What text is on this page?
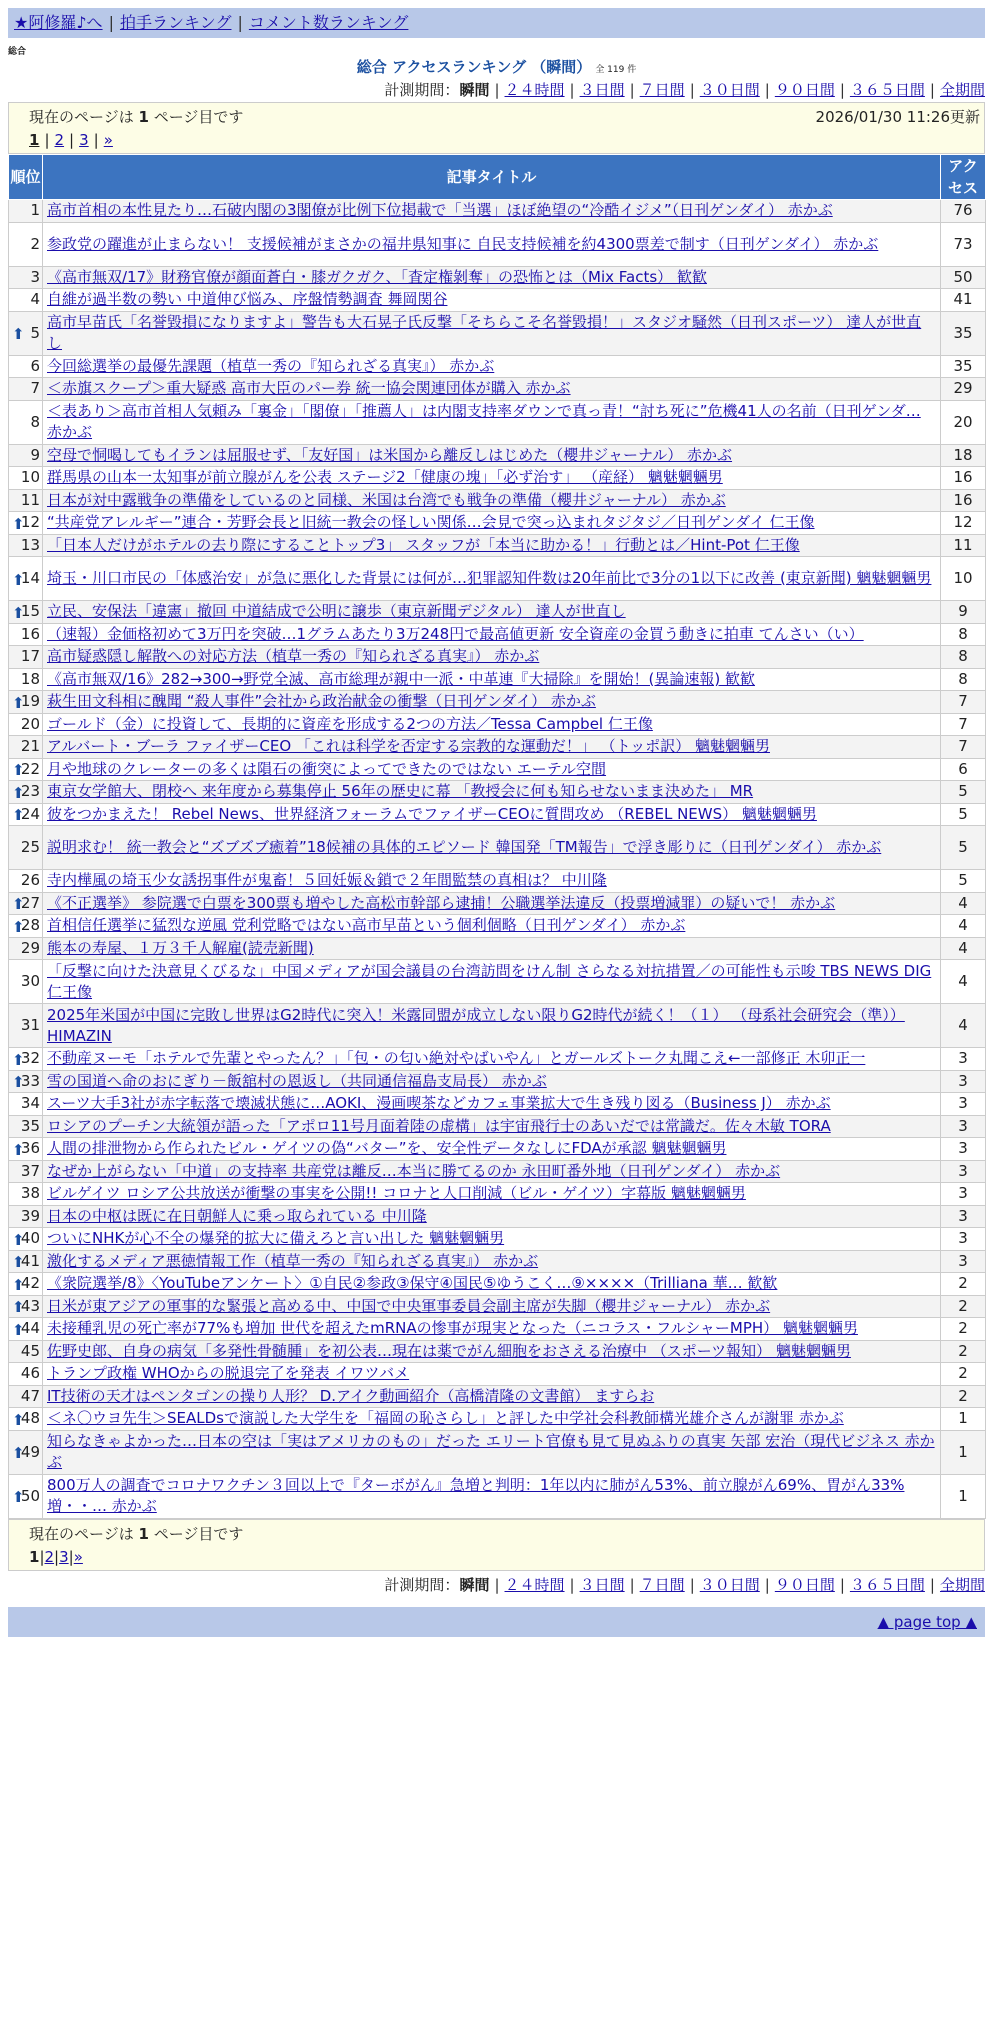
★阿修羅♪へ | 拍手ランキング | コメント数ランキング
総合
総合 アクセスランキング （瞬間） 全 119 件
計測期間：瞬間 | ２４時間 | ３日間 | ７日間 | ３０日間 | ９０日間 | ３６５日間 | 全期間
現在のページは 1 ページ目です	2026/01/30 11:26更新
1 | 2 | 3 | »
順位	記事タイトル	アクセス
1	高市首相の本性見たり…石破内閣の3閣僚が比例下位掲載で「当選」ほぼ絶望の“冷酷イジメ”（日刊ゲンダイ） 赤かぶ	76
2	参政党の躍進が止まらない！ 支援候補がまさかの福井県知事に 自民支持候補を約4300票差で制す（日刊ゲンダイ） 赤かぶ	73
3	《高市無双/17》財務官僚が顔面蒼白・膝ガクガク、「査定権剝奪」の恐怖とは（Mix Facts） 歓歓	50
4	自維が過半数の勢い 中道伸び悩み、序盤情勢調査 舞岡関谷	41

⬆ 5	高市早苗氏「名誉毀損になりますよ」警告も大石晃子氏反撃「そちらこそ名誉毀損！」スタジオ騒然（日刊スポーツ） 達人が世直し	35
6	今回総選挙の最優先課題（植草一秀の『知られざる真実』） 赤かぶ	35
7	＜赤旗スクープ＞重大疑惑 高市大臣のパー券 統一協会関連団体が購入 赤かぶ	29
8	＜表あり＞高市首相人気頼み「裏金」「閣僚」「推薦人」は内閣支持率ダウンで真っ青！“討ち死に”危機41人の名前（日刊ゲンダ… 赤かぶ	20
9	空母で恫喝してもイランは屈服せず、「友好国」は米国から離反しはじめた（櫻井ジャーナル） 赤かぶ	18
10	群馬県の山本一太知事が前立腺がんを公表 ステージ2「健康の塊」「必ず治す」 （産経） 魑魅魍魎男	16
11	日本が対中露戦争の準備をしているのと同様、米国は台湾でも戦争の準備（櫻井ジャーナル） 赤かぶ	16

⬆
12	“共産党アレルギー”連合・芳野会長と旧統一教会の怪しい関係…会見で突っ込まれタジタジ／日刊ゲンダイ 仁王像	12
13	「日本人だけがホテルの去り際にすることトップ3」 スタッフが「本当に助かる！」行動とは／Hint-Pot 仁王像	11

⬆
14	埼玉・川口市民の「体感治安」が急に悪化した背景には何が…犯罪認知件数は20年前比で3分の1以下に改善 (東京新聞) 魑魅魍魎男	10

⬆
15	立民、安保法「違憲」撤回 中道結成で公明に譲歩（東京新聞デジタル） 達人が世直し	9
16	（速報）金価格初めて3万円を突破…1グラムあたり3万248円で最高値更新 安全資産の金買う動きに拍車 てんさい（い）	8
17	高市疑惑隠し解散への対応方法（植草一秀の『知られざる真実』） 赤かぶ	8
18	《高市無双/16》282→300→野党全滅、高市総理が親中一派・中革連『大掃除』を開始！(異論速報) 歓歓	8

⬆
19	萩生田文科相に醜聞 “殺人事件”会社から政治献金の衝撃（日刊ゲンダイ） 赤かぶ	7
20	ゴールド（金）に投資して、長期的に資産を形成する2つの方法／Tessa Campbel 仁王像	7
21	アルバート・ブーラ ファイザーCEO 「これは科学を否定する宗教的な運動だ！」 （トッポ訳） 魑魅魍魎男	7

⬆
22	月や地球のクレーターの多くは隕石の衝突によってできたのではない エーテル空間	6

⬆
23	東京女学館大、閉校へ 来年度から募集停止 56年の歴史に幕 「教授会に何も知らせないまま決めた」 MR	5

⬆
24	彼をつかまえた！ Rebel News、世界経済フォーラムでファイザーCEOに質問攻め （REBEL NEWS） 魑魅魍魎男	5
25	説明求む！ 統一教会と“ズブズブ癒着”18候補の具体的エピソード 韓国発「TM報告」で浮き彫りに（日刊ゲンダイ） 赤かぶ	5
26	寺内樺風の埼玉少女誘拐事件が鬼畜！５回妊娠＆鎖で２年間監禁の真相は？ 中川隆	5

⬆
27	《不正選挙》 参院選で白票を300票も増やした高松市幹部ら逮捕！公職選挙法違反（投票増減罪）の疑いで！ 赤かぶ	4

⬆
28	首相信任選挙に猛烈な逆風 党利党略ではない高市早苗という個利個略（日刊ゲンダイ） 赤かぶ	4
29	熊本の寿屋、１万３千人解雇(読売新聞)	4
30	「反撃に向けた決意見くびるな」中国メディアが国会議員の台湾訪問をけん制 さらなる対抗措置／の可能性も示唆 TBS NEWS DIG 仁王像	4
31	2025年米国が中国に完敗し世界はG2時代に突入！米露同盟が成立しない限りG2時代が続く！（１） （母系社会研究会（準）） HIMAZIN	4

⬆
32	不動産ヌーモ「ホテルで先輩とやったん？」「包・の匂い絶対やばいやん」とガールズトーク丸聞こえ←一部修正 木卯正一	3

⬆
33	雪の国道へ命のおにぎり－飯舘村の恩返し（共同通信福島支局長） 赤かぶ	3
34	スーツ大手3社が赤字転落で壊滅状態に…AOKI、漫画喫茶などカフェ事業拡大で生き残り図る（Business J） 赤かぶ	3
35	ロシアのプーチン大統領が語った「アポロ11号月面着陸の虚構」は宇宙飛行士のあいだでは常識だ。佐々木敏 TORA	3

⬆
36	人間の排泄物から作られたビル・ゲイツの偽“バター”を、安全性データなしにFDAが承認 魑魅魍魎男	3
37	なぜか上がらない「中道」の支持率 共産党は離反…本当に勝てるのか 永田町番外地（日刊ゲンダイ） 赤かぶ	3
38	ビルゲイツ ロシア公共放送が衝撃の事実を公開!! コロナと人口削減（ビル・ゲイツ）字幕版 魑魅魍魎男	3
39	日本の中枢は既に在日朝鮮人に乗っ取られている 中川隆	3

⬆
40	ついにNHKが心不全の爆発的拡大に備えろと言い出した 魑魅魍魎男	3

⬆
41	激化するメディア悪徳情報工作（植草一秀の『知られざる真実』） 赤かぶ	3

⬆
42	《衆院選挙/8》〈YouTubeアンケート〉①自民②参政③保守④国民⑤ゆうこく…⑨××××（Trilliana 華… 歓歓	2

⬆
43	日米が東アジアの軍事的な緊張と高める中、中国で中央軍事委員会副主席が失脚（櫻井ジャーナル） 赤かぶ	2

⬆
44	未接種乳児の死亡率が77%も増加 世代を超えたmRNAの惨事が現実となった（ニコラス・フルシャーMPH） 魑魅魍魎男	2
45	佐野史郎、自身の病気「多発性骨髄腫」を初公表…現在は薬でがん細胞をおさえる治療中 （スポーツ報知） 魑魅魍魎男	2
46	トランプ政権 WHOからの脱退完了を発表 イワツバメ	2
47	IT技術の天才はペンタゴンの操り人形？ D.アイク動画紹介（高橋清隆の文書館） ますらお	2

⬆
48	＜ネ〇ウヨ先生＞SEALDsで演説した大学生を「福岡の恥さらし」と評した中学社会科教師構光雄介さんが謝罪 赤かぶ	1

⬆
49	知らなきゃよかった…日本の空は「実はアメリカのもの」だった エリート官僚も見て見ぬふりの真実 矢部 宏治（現代ビジネス 赤かぶ	1

⬆
50	800万人の調査でコロナワクチン３回以上で『ターボがん』急増と判明：1年以内に肺がん53%、前立腺がん69%、胃がん33%増・・… 赤かぶ	1
現在のページは 1 ページ目です
1|2|3|»
計測期間：瞬間 | ２４時間 | ３日間 | ７日間 | ３０日間 | ９０日間 | ３６５日間 | 全期間
▲ page top ▲
